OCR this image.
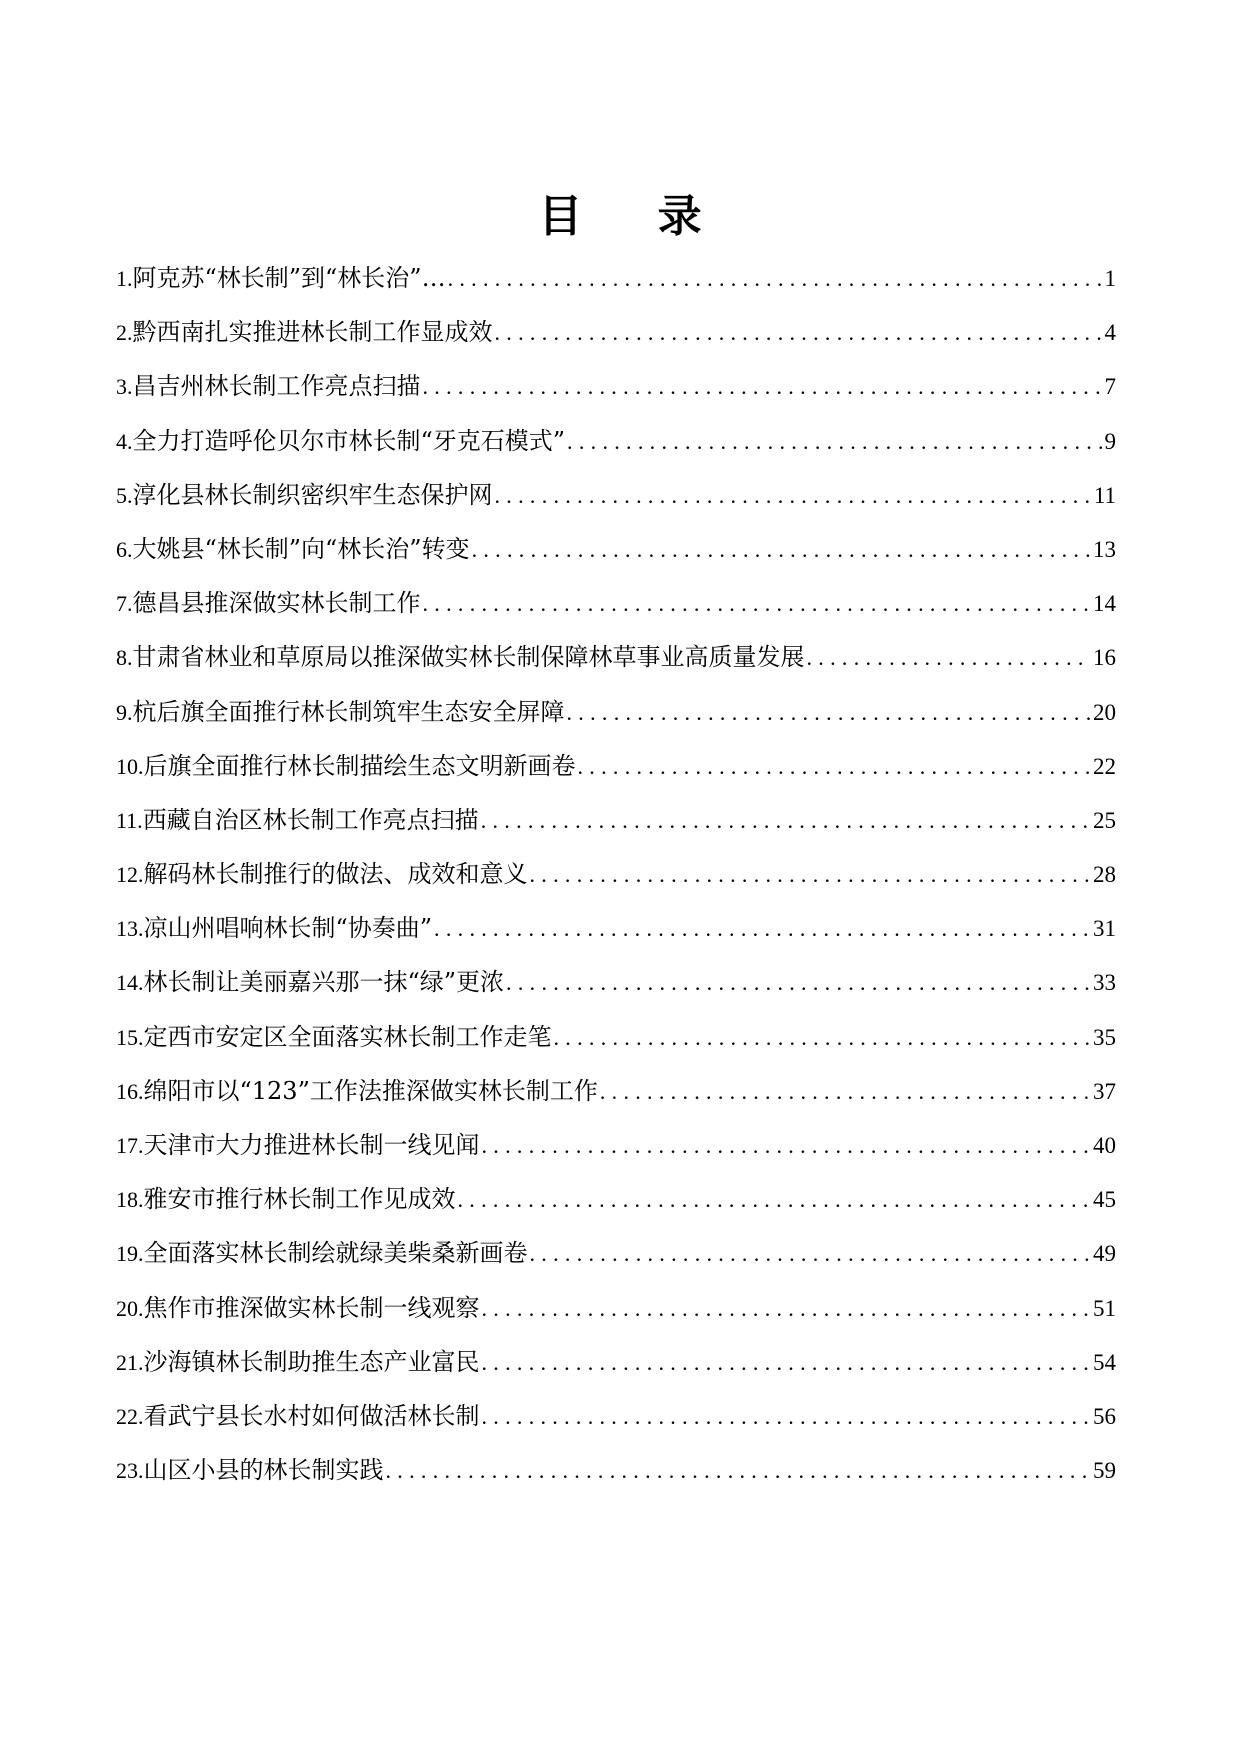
目 录
1. 阿克苏“林长制”到“林长治”… .....	1
2. 黔西南扎实推进林长制工作显成效 .....	4
3. 昌吉州林长制工作亮点扫描 .....	7
4. 全力打造呼伦贝尔市林长制“牙克石模式” .....	9
5. 淳化县林长制织密织牢生态保护网 .....	11
6. 大姚县“林长制”向“林长治”转变 .....	13
7. 德昌县推深做实林长制工作 .....	14
8. 甘肃省林业和草原局以推深做实林长制保障林草事业高质量发展 .....	16
9. 杭后旗全面推行林长制筑牢生态安全屏障 .....	20
10. 后旗全面推行林长制描绘生态文明新画卷 .....	22
11. 西藏自治区林长制工作亮点扫描 .....	25
12. 解码林长制推行的做法、成效和意义 .....	28
13. 凉山州唱响林长制“协奏曲” .....	31
14. 林长制让美丽嘉兴那一抹“绿”更浓 .....	33
15. 定西市安定区全面落实林长制工作走笔 .....	35
16. 绵阳市以“123”工作法推深做实林长制工作 .....	37
17. 天津市大力推进林长制一线见闻 .....	40
18. 雅安市推行林长制工作见成效 .....	45
19. 全面落实林长制绘就绿美柴桑新画卷 .....	49
20. 焦作市推深做实林长制一线观察 .....	51
21. 沙海镇林长制助推生态产业富民 .....	54
22. 看武宁县长水村如何做活林长制 .....	56
23. 山区小县的林长制实践 .....	59
